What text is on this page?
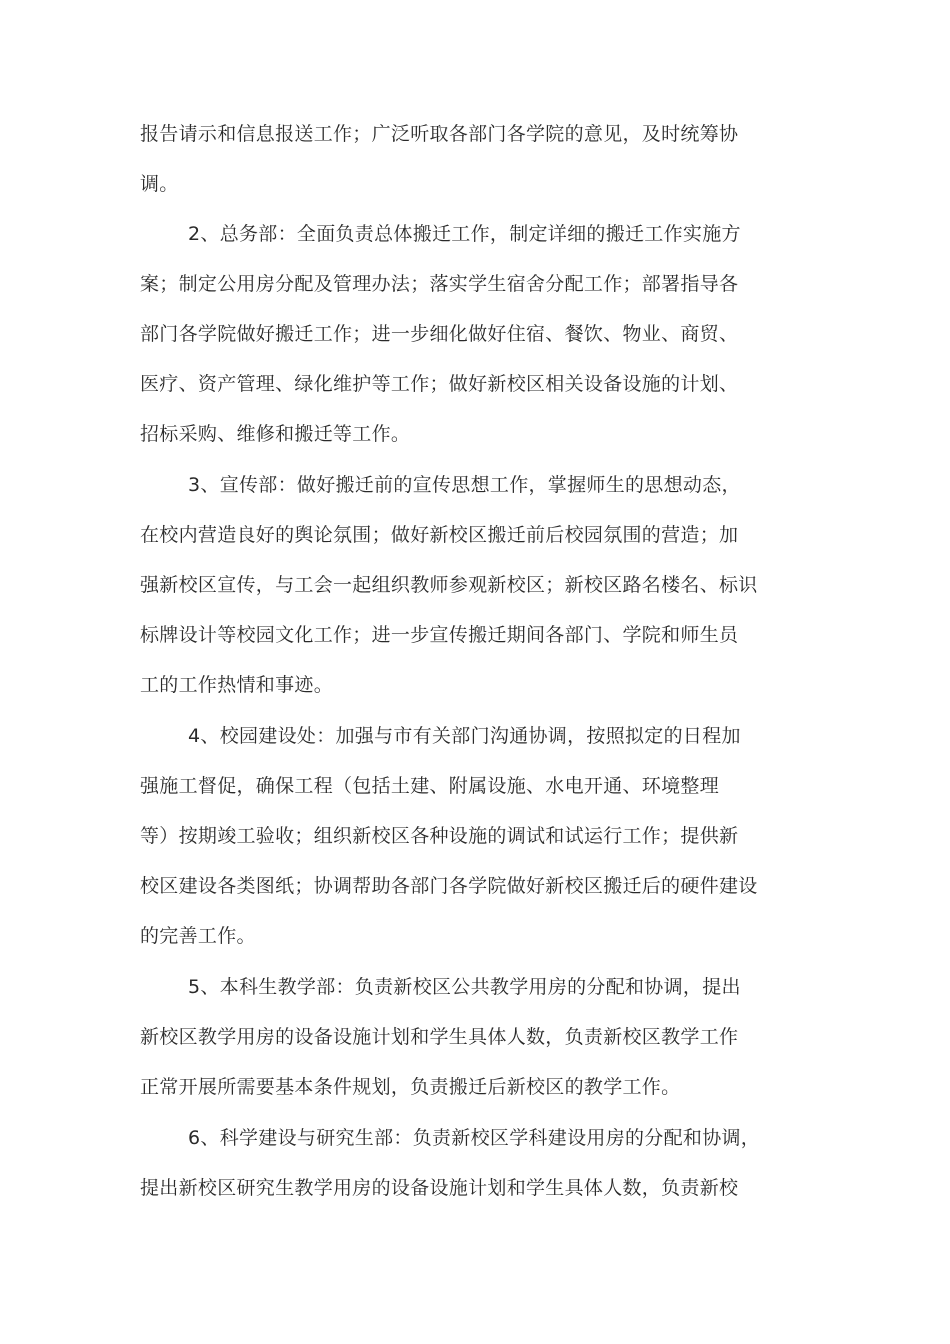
报告请示和信息报送工作；广泛听取各部门各学院的意见，及时统筹协
调。
2、总务部：全面负责总体搬迁工作，制定详细的搬迁工作实施方
案；制定公用房分配及管理办法；落实学生宿舍分配工作；部署指导各
部门各学院做好搬迁工作；进一步细化做好住宿、餐饮、物业、商贸、
医疗、资产管理、绿化维护等工作；做好新校区相关设备设施的计划、
招标采购、维修和搬迁等工作。
3、宣传部：做好搬迁前的宣传思想工作，掌握师生的思想动态，
在校内营造良好的舆论氛围；做好新校区搬迁前后校园氛围的营造；加
强新校区宣传，与工会一起组织教师参观新校区；新校区路名楼名、标识
标牌设计等校园文化工作；进一步宣传搬迁期间各部门、学院和师生员
工的工作热情和事迹。
4、校园建设处：加强与市有关部门沟通协调，按照拟定的日程加
强施工督促，确保工程（包括土建、附属设施、水电开通、环境整理
等）按期竣工验收；组织新校区各种设施的调试和试运行工作；提供新
校区建设各类图纸；协调帮助各部门各学院做好新校区搬迁后的硬件建设
的完善工作。
5、本科生教学部：负责新校区公共教学用房的分配和协调，提出
新校区教学用房的设备设施计划和学生具体人数，负责新校区教学工作
正常开展所需要基本条件规划，负责搬迁后新校区的教学工作。
6、科学建设与研究生部：负责新校区学科建设用房的分配和协调，
提出新校区研究生教学用房的设备设施计划和学生具体人数，负责新校
